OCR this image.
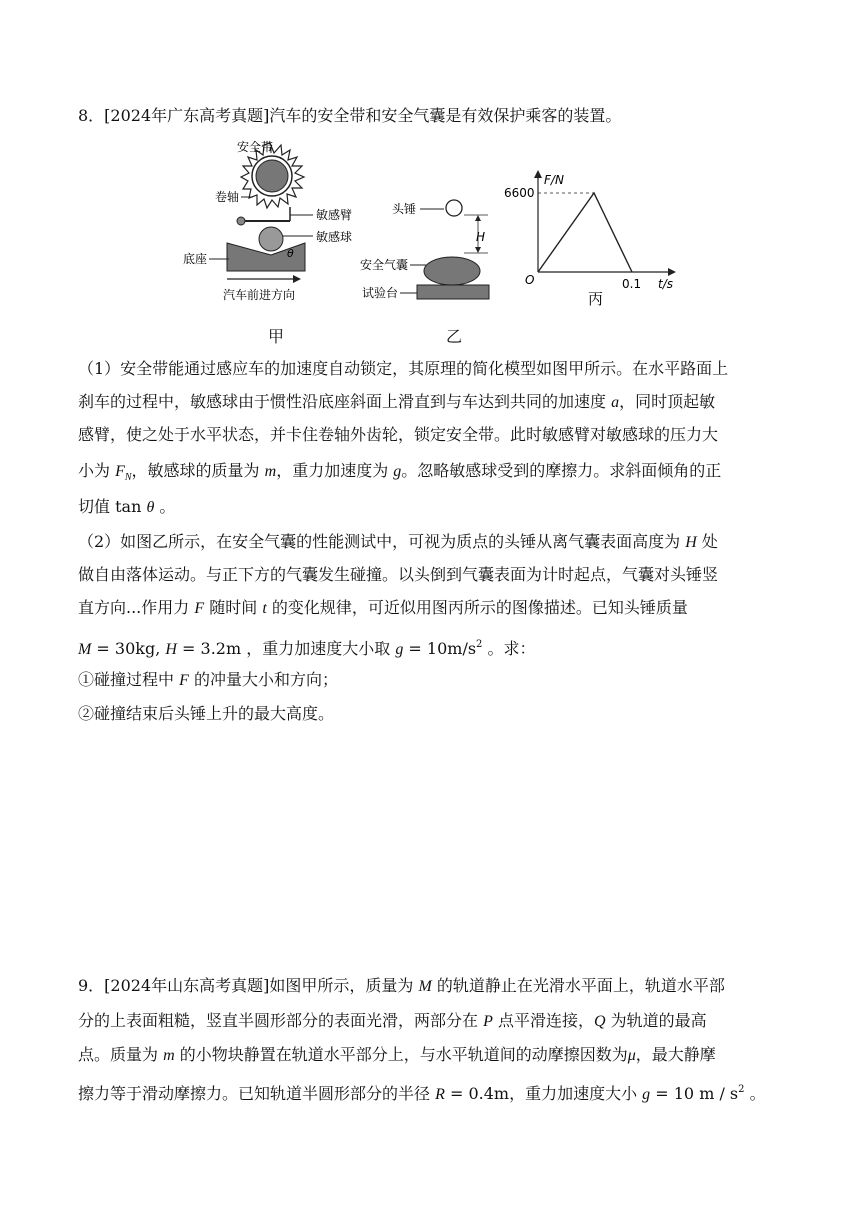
8．[2024年广东高考真题]汽车的安全带和安全气囊是有效保护乘客的装置。
安全带
卷轴
敏感臂
敏感球
底座	θ
汽车前进方向
甲
头锤
H
安全气囊
试验台
乙
F/N
6600
O	0.1 t/s
丙
（1）安全带能通过感应车的加速度自动锁定，其原理的简化模型如图甲所示。在水平路面上
刹车的过程中，敏感球由于惯性沿底座斜面上滑直到与车达到共同的加速度 a，同时顶起敏
感臂，使之处于水平状态，并卡住卷轴外齿轮，锁定安全带。此时敏感臂对敏感球的压力大
小为 $F_N$，敏感球的质量为 m，重力加速度为 g。忽略敏感球受到的摩擦力。求斜面倾角的正
切值 tan θ 。
（2）如图乙所示，在安全气囊的性能测试中，可视为质点的头锤从离气囊表面高度为 H 处
做自由落体运动。与正下方的气囊发生碰撞。以头倒到气囊表面为计时起点，气囊对头锤竖
直方向...作用力 F 随时间 t 的变化规律，可近似用图丙所示的图像描述。已知头锤质量
M = 30kg, H = 3.2m ，重力加速度大小取 $g = 10m/s^2$ 。求：
①碰撞过程中 F 的冲量大小和方向；
②碰撞结束后头锤上升的最大高度。
9．[2024年山东高考真题]如图甲所示，质量为 M 的轨道静止在光滑水平面上，轨道水平部
分的上表面粗糙，竖直半圆形部分的表面光滑，两部分在 P 点平滑连接，Q 为轨道的最高
点。质量为 m 的小物块静置在轨道水平部分上，与水平轨道间的动摩擦因数为μ，最大静摩
擦力等于滑动摩擦力。已知轨道半圆形部分的半径 R = 0.4m，重力加速度大小 g = 10 m / $s^2$ 。
